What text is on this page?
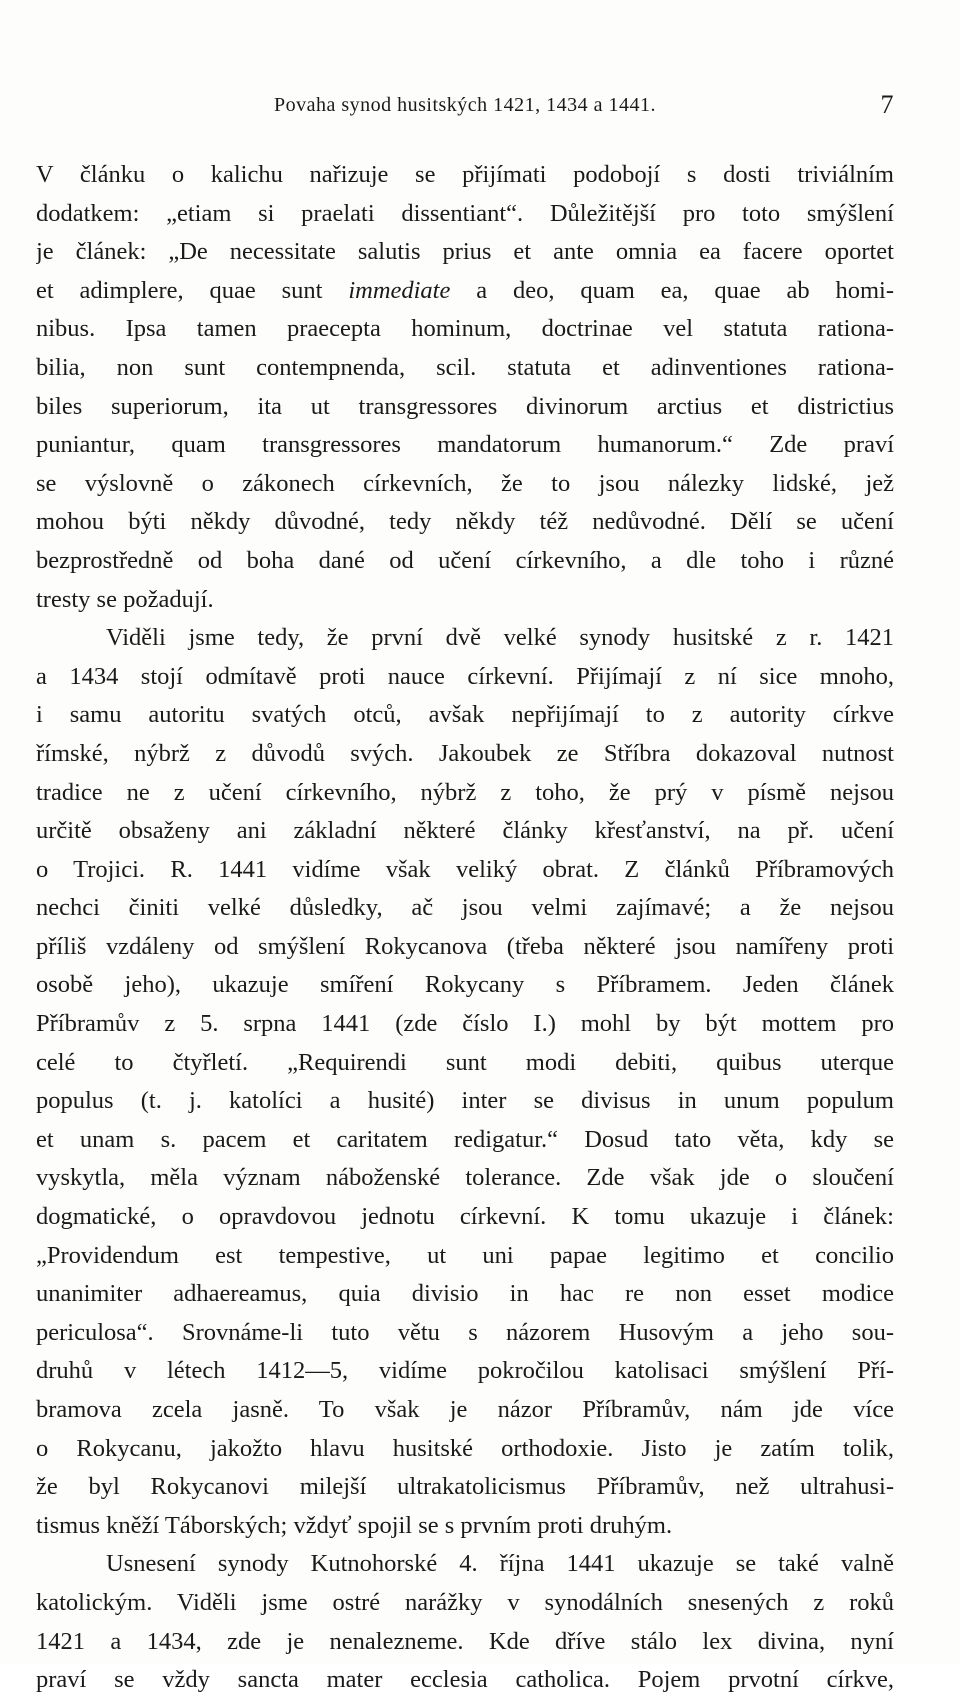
Povaha synod husitských 1421, 1434 a 1441.	7
V článku o kalichu nařizuje se přijímati podobojí s dosti triviálním
dodatkem: „etiam si praelati dissentiant“. Důležitější pro toto smýšlení
je článek: „De necessitate salutis prius et ante omnia ea facere oportet
et adimplere, quae sunt immediate a deo, quam ea, quae ab homi-
nibus. Ipsa tamen praecepta hominum, doctrinae vel statuta rationa-
bilia, non sunt contempnenda, scil. statuta et adinventiones rationa-
biles superiorum, ita ut transgressores divinorum arctius et districtius
puniantur, quam transgressores mandatorum humanorum.“ Zde praví
se výslovně o zákonech církevních, že to jsou nálezky lidské, jež
mohou býti někdy důvodné, tedy někdy též nedůvodné. Dělí se učení
bezprostředně od boha dané od učení církevního, a dle toho i různé
tresty se požadují.
Viděli jsme tedy, že první dvě velké synody husitské z r. 1421
a 1434 stojí odmítavě proti nauce církevní. Přijímají z ní sice mnoho,
i samu autoritu svatých otců, avšak nepřijímají to z autority církve
římské, nýbrž z důvodů svých. Jakoubek ze Stříbra dokazoval nutnost
tradice ne z učení církevního, nýbrž z toho, že prý v písmě nejsou
určitě obsaženy ani základní některé články křesťanství, na př. učení
o Trojici. R. 1441 vidíme však veliký obrat. Z článků Příbramových
nechci činiti velké důsledky, ač jsou velmi zajímavé; a že nejsou
příliš vzdáleny od smýšlení Rokycanova (třeba některé jsou namířeny proti
osobě jeho), ukazuje smíření Rokycany s Příbramem. Jeden článek
Příbramův z 5. srpna 1441 (zde číslo I.) mohl by být mottem pro
celé to čtyřletí. „Requirendi sunt modi debiti, quibus uterque
populus (t. j. katolíci a husité) inter se divisus in unum populum
et unam s. pacem et caritatem redigatur.“ Dosud tato věta, kdy se
vyskytla, měla význam náboženské tolerance. Zde však jde o sloučení
dogmatické, o opravdovou jednotu církevní. K tomu ukazuje i článek:
„Providendum est tempestive, ut uni papae legitimo et concilio
unanimiter adhaereamus, quia divisio in hac re non esset modice
periculosa“. Srovnáme-li tuto větu s názorem Husovým a jeho sou-
druhů v létech 1412—5, vidíme pokročilou katolisaci smýšlení Pří-
bramova zcela jasně. To však je názor Příbramův, nám jde více
o Rokycanu, jakožto hlavu husitské orthodoxie. Jisto je zatím tolik,
že byl Rokycanovi milejší ultrakatolicismus Příbramův, než ultrahusi-
tismus kněží Táborských; vždyť spojil se s prvním proti druhým.
Usnesení synody Kutnohorské 4. října 1441 ukazuje se také valně
katolickým. Viděli jsme ostré narážky v synodálních snesených z roků
1421 a 1434, zde je nenalezneme. Kde dříve stálo lex divina, nyní
praví se vždy sancta mater ecclesia catholica. Pojem prvotní církve,
